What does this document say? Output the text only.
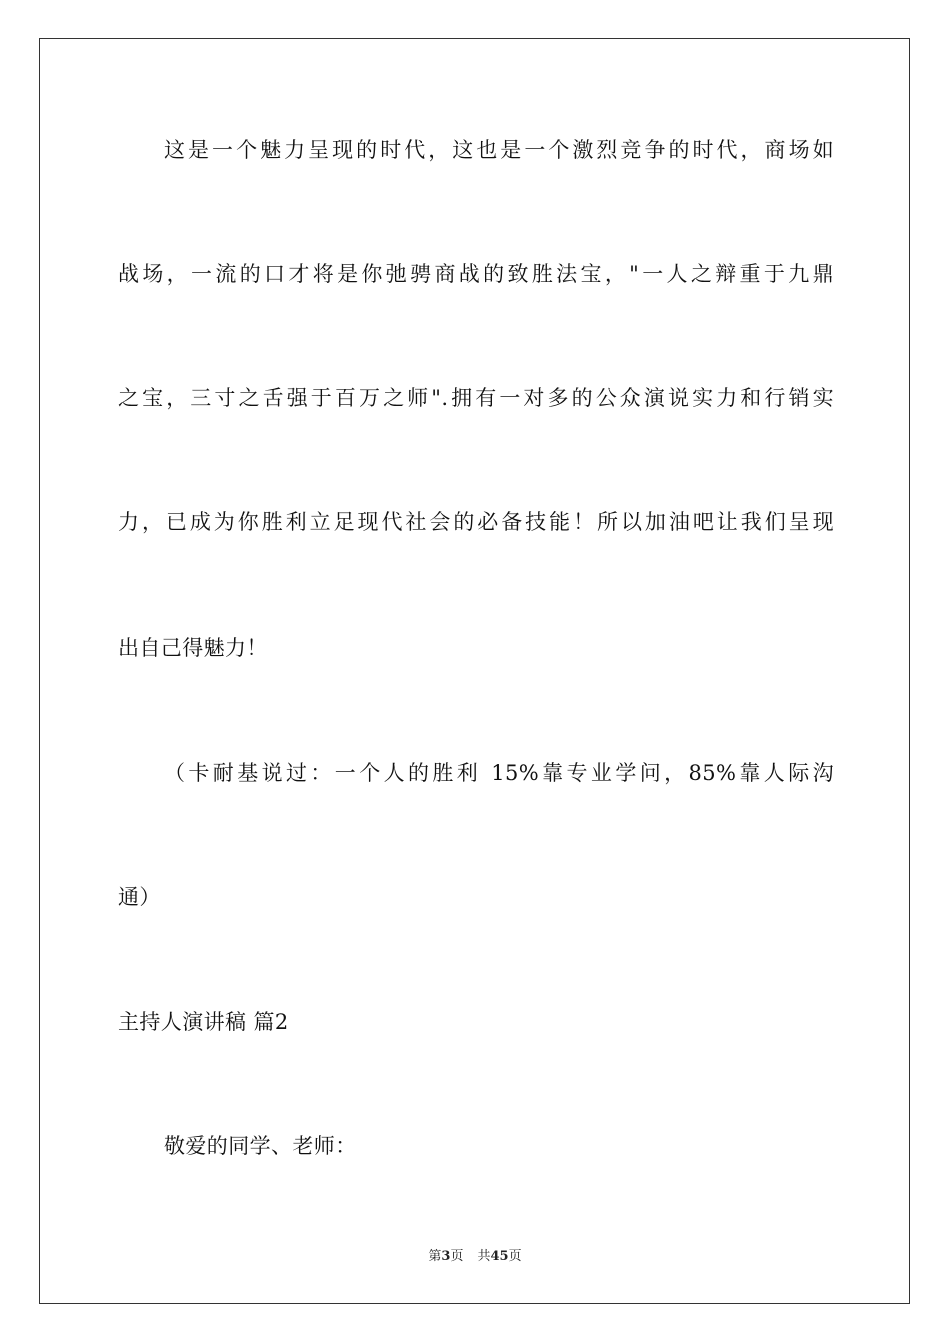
这是一个魅力呈现的时代，这也是一个激烈竞争的时代，商场如
战场，一流的口才将是你弛骋商战的致胜法宝，"一人之辩重于九鼎
之宝，三寸之舌强于百万之师".拥有一对多的公众演说实力和行销实
力，已成为你胜利立足现代社会的必备技能！所以加油吧让我们呈现
出自己得魅力！
（卡耐基说过：一个人的胜利 15%靠专业学问，85%靠人际沟
通）
主持人演讲稿 篇2
敬爱的同学、老师：
第3页 共45页
